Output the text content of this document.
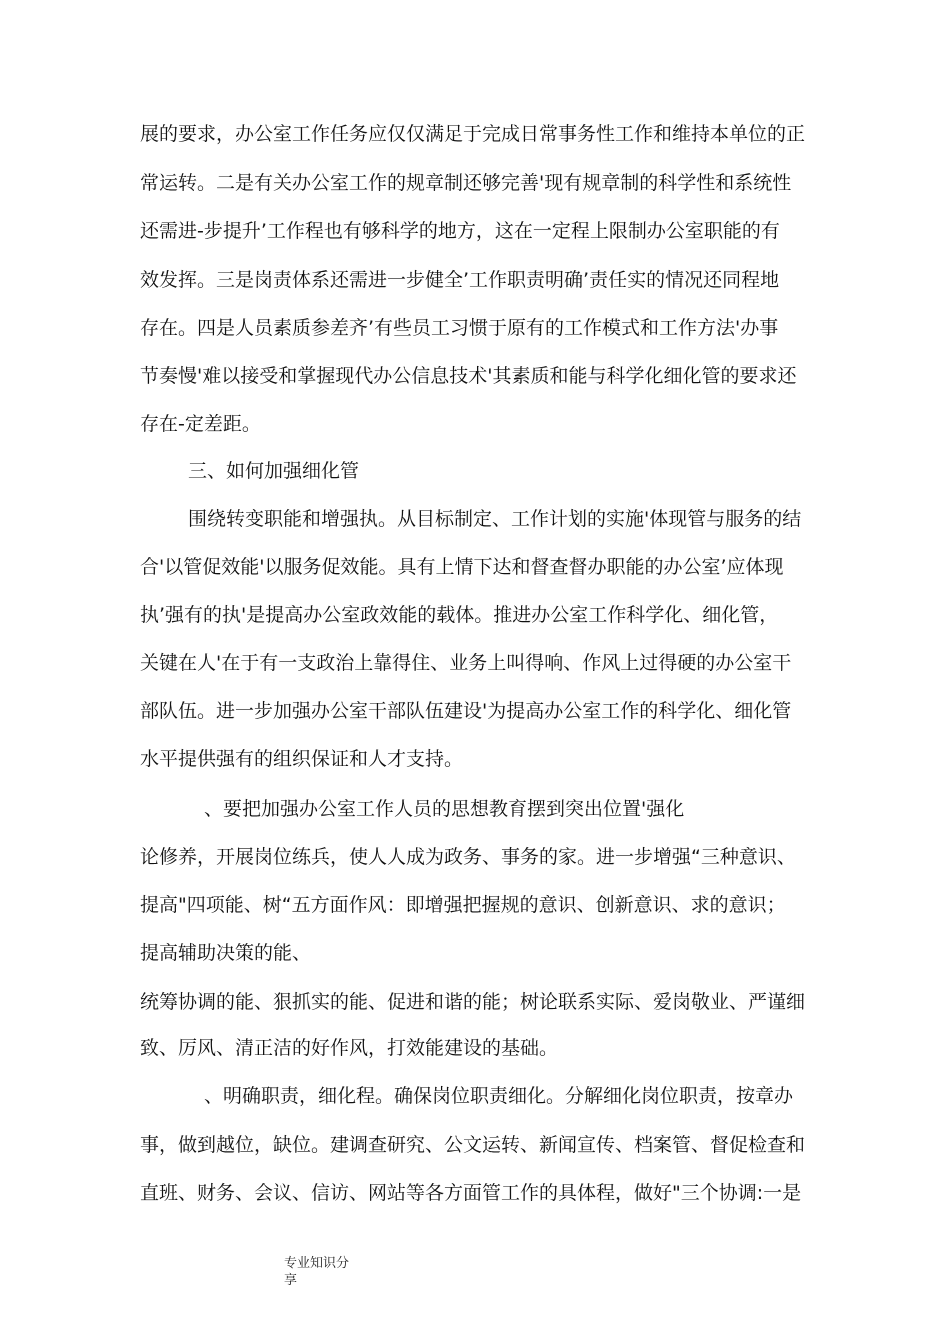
展的要求，办公室工作任务应仅仅满足于完成日常事务性工作和维持本单位的正
常运转。二是有关办公室工作的规章制还够完善'现有规章制的科学性和系统性
还需进-步提升’工作程也有够科学的地方，这在一定程上限制办公室职能的有
效发挥。三是岗责体系还需进一步健全’工作职责明确’责任实的情况还同程地
存在。四是人员素质参差齐’有些员工习惯于原有的工作模式和工作方法'办事
节奏慢'难以接受和掌握现代办公信息技术'其素质和能与科学化细化管的要求还
存在-定差距。
三、如何加强细化管
围绕转变职能和增强执。从目标制定、工作计划的实施'体现管与服务的结
合'以管促效能'以服务促效能。具有上情下达和督查督办职能的办公室’应体现
执’强有的执'是提高办公室政效能的载体。推进办公室工作科学化、细化管，
关键在人'在于有一支政治上靠得住、业务上叫得响、作风上过得硬的办公室干
部队伍。进一步加强办公室干部队伍建设'为提高办公室工作的科学化、细化管
水平提供强有的组织保证和人才支持。
、要把加强办公室工作人员的思想教育摆到突出位置'强化
论修养，开展岗位练兵，使人人成为政务、事务的家。进一步增强“三种意识、
提高"四项能、树“五方面作风：即增强把握规的意识、创新意识、求的意识；
提高辅助决策的能、
统筹协调的能、狠抓实的能、促进和谐的能；树论联系实际、爱岗敬业、严谨细
致、厉风、清正洁的好作风，打效能建设的基础。
、明确职责，细化程。确保岗位职责细化。分解细化岗位职责，按章办
事，做到越位，缺位。建调查研究、公文运转、新闻宣传、档案管、督促检查和
直班、财务、会议、信访、网站等各方面管工作的具体程，做好"三个协调:一是
专业知识分
享
